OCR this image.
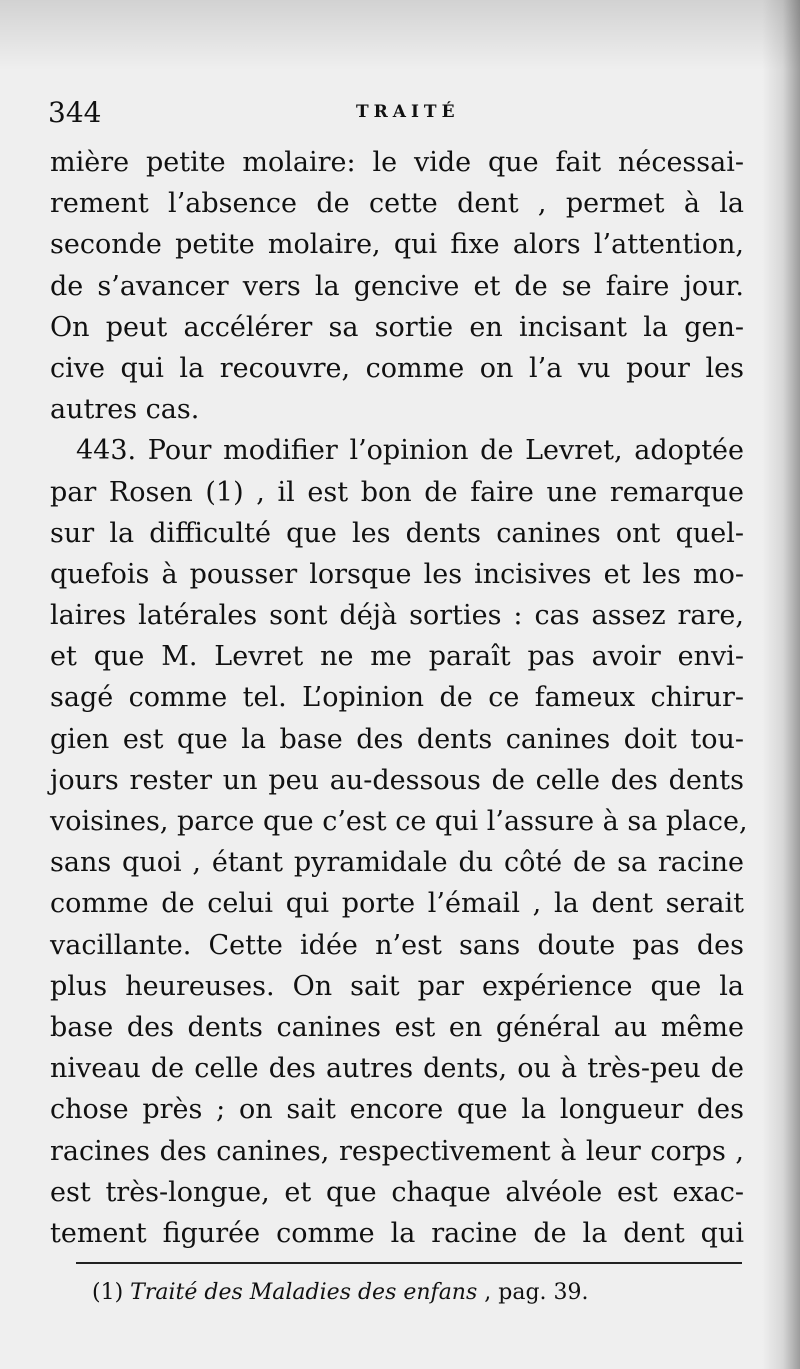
344	TRAITÉ
mière petite molaire: le vide que fait nécessai-
rement l’absence de cette dent , permet à la
seconde petite molaire, qui fixe alors l’attention,
de s’avancer vers la gencive et de se faire jour.
On peut accélérer sa sortie en incisant la gen-
cive qui la recouvre, comme on l’a vu pour les
autres cas.
443. Pour modifier l’opinion de Levret, adoptée
par Rosen (1) , il est bon de faire une remarque
sur la difficulté que les dents canines ont quel-
quefois à pousser lorsque les incisives et les mo-
laires latérales sont déjà sorties : cas assez rare,
et que M. Levret ne me paraît pas avoir envi-
sagé comme tel. L’opinion de ce fameux chirur-
gien est que la base des dents canines doit tou-
jours rester un peu au-dessous de celle des dents
voisines, parce que c’est ce qui l’assure à sa place,
sans quoi , étant pyramidale du côté de sa racine
comme de celui qui porte l’émail , la dent serait
vacillante. Cette idée n’est sans doute pas des
plus heureuses. On sait par expérience que la
base des dents canines est en général au même
niveau de celle des autres dents, ou à très-peu de
chose près ; on sait encore que la longueur des
racines des canines, respectivement à leur corps ,
est très-longue, et que chaque alvéole est exac-
tement figurée comme la racine de la dent qui
(1) Traité des Maladies des enfans , pag. 39.
